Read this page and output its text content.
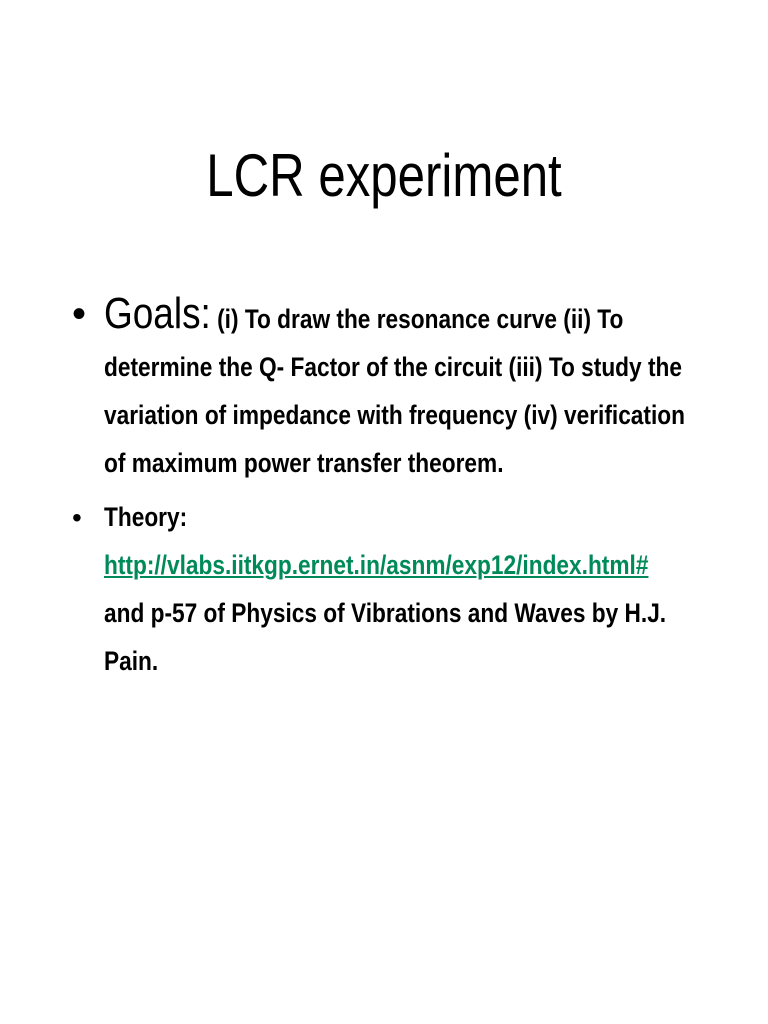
LCR experiment
• Goals: (i) To draw the resonance curve (ii) To determine the Q- Factor of the circuit (iii) To study the variation of impedance with frequency (iv) verification of maximum power transfer theorem.
• Theory:
http://vlabs.iitkgp.ernet.in/asnm/exp12/index.html#
and p-57 of Physics of Vibrations and Waves by H.J. Pain.
